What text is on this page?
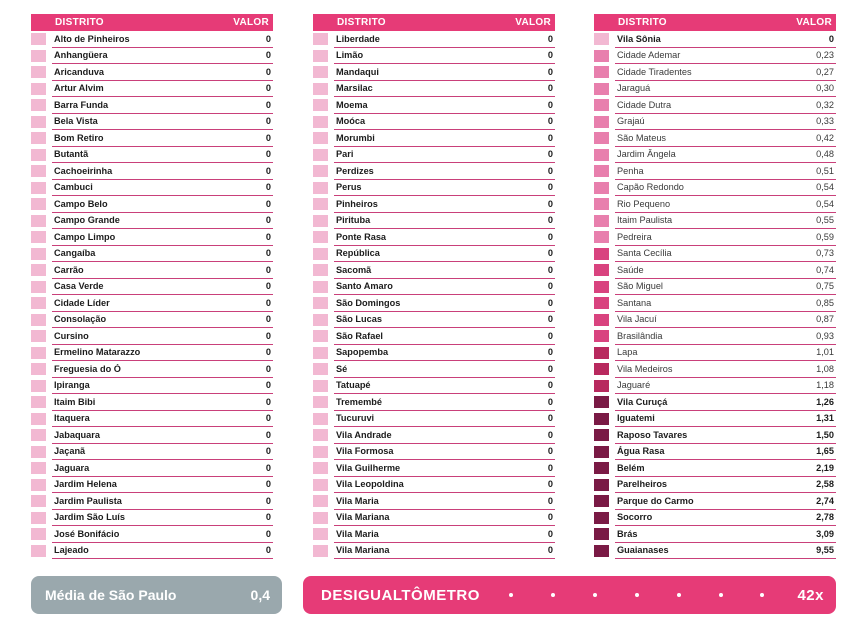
DISTRITO	VALOR
Alto de Pinheiros	0
Anhangüera	0
Aricanduva	0
Artur Alvim	0
Barra Funda	0
Bela Vista	0
Bom Retiro	0
Butantã	0
Cachoeirinha	0
Cambuci	0
Campo Belo	0
Campo Grande	0
Campo Limpo	0
Cangaíba	0
Carrão	0
Casa Verde	0
Cidade Líder	0
Consolação	0
Cursino	0
Ermelino Matarazzo	0
Freguesia do Ó	0
Ipiranga	0
Itaim Bibi	0
Itaquera	0
Jabaquara	0
Jaçanã	0
Jaguara	0
Jardim Helena	0
Jardim Paulista	0
Jardim São Luís	0
José Bonifácio	0
Lajeado	0
DISTRITO	VALOR
Liberdade	0
Limão	0
Mandaqui	0
Marsilac	0
Moema	0
Moóca	0
Morumbi	0
Pari	0
Perdizes	0
Perus	0
Pinheiros	0
Pirituba	0
Ponte Rasa	0
República	0
Sacomã	0
Santo Amaro	0
São Domingos	0
São Lucas	0
São Rafael	0
Sapopemba	0
Sé	0
Tatuapé	0
Tremembé	0
Tucuruvi	0
Vila Andrade	0
Vila Formosa	0
Vila Guilherme	0
Vila Leopoldina	0
Vila Maria	0
Vila Mariana	0
Vila Maria	0
Vila Mariana	0
DISTRITO	VALOR
Vila Sônia	0
Cidade Ademar	0,23
Cidade Tiradentes	0,27
Jaraguá	0,30
Cidade Dutra	0,32
Grajaú	0,33
São Mateus	0,42
Jardim Ângela	0,48
Penha	0,51
Capão Redondo	0,54
Rio Pequeno	0,54
Itaim Paulista	0,55
Pedreira	0,59
Santa Cecília	0,73
Saúde	0,74
São Miguel	0,75
Santana	0,85
Vila Jacuí	0,87
Brasilândia	0,93
Lapa	1,01
Vila Medeiros	1,08
Jaguaré	1,18
Vila Curuçá	1,26
Iguatemi	1,31
Raposo Tavares	1,50
Água Rasa	1,65
Belém	2,19
Parelheiros	2,58
Parque do Carmo	2,74
Socorro	2,78
Brás	3,09
Guaianases	9,55
Média de São Paulo	0,4	DESIGUALTÔMETRO	42x
